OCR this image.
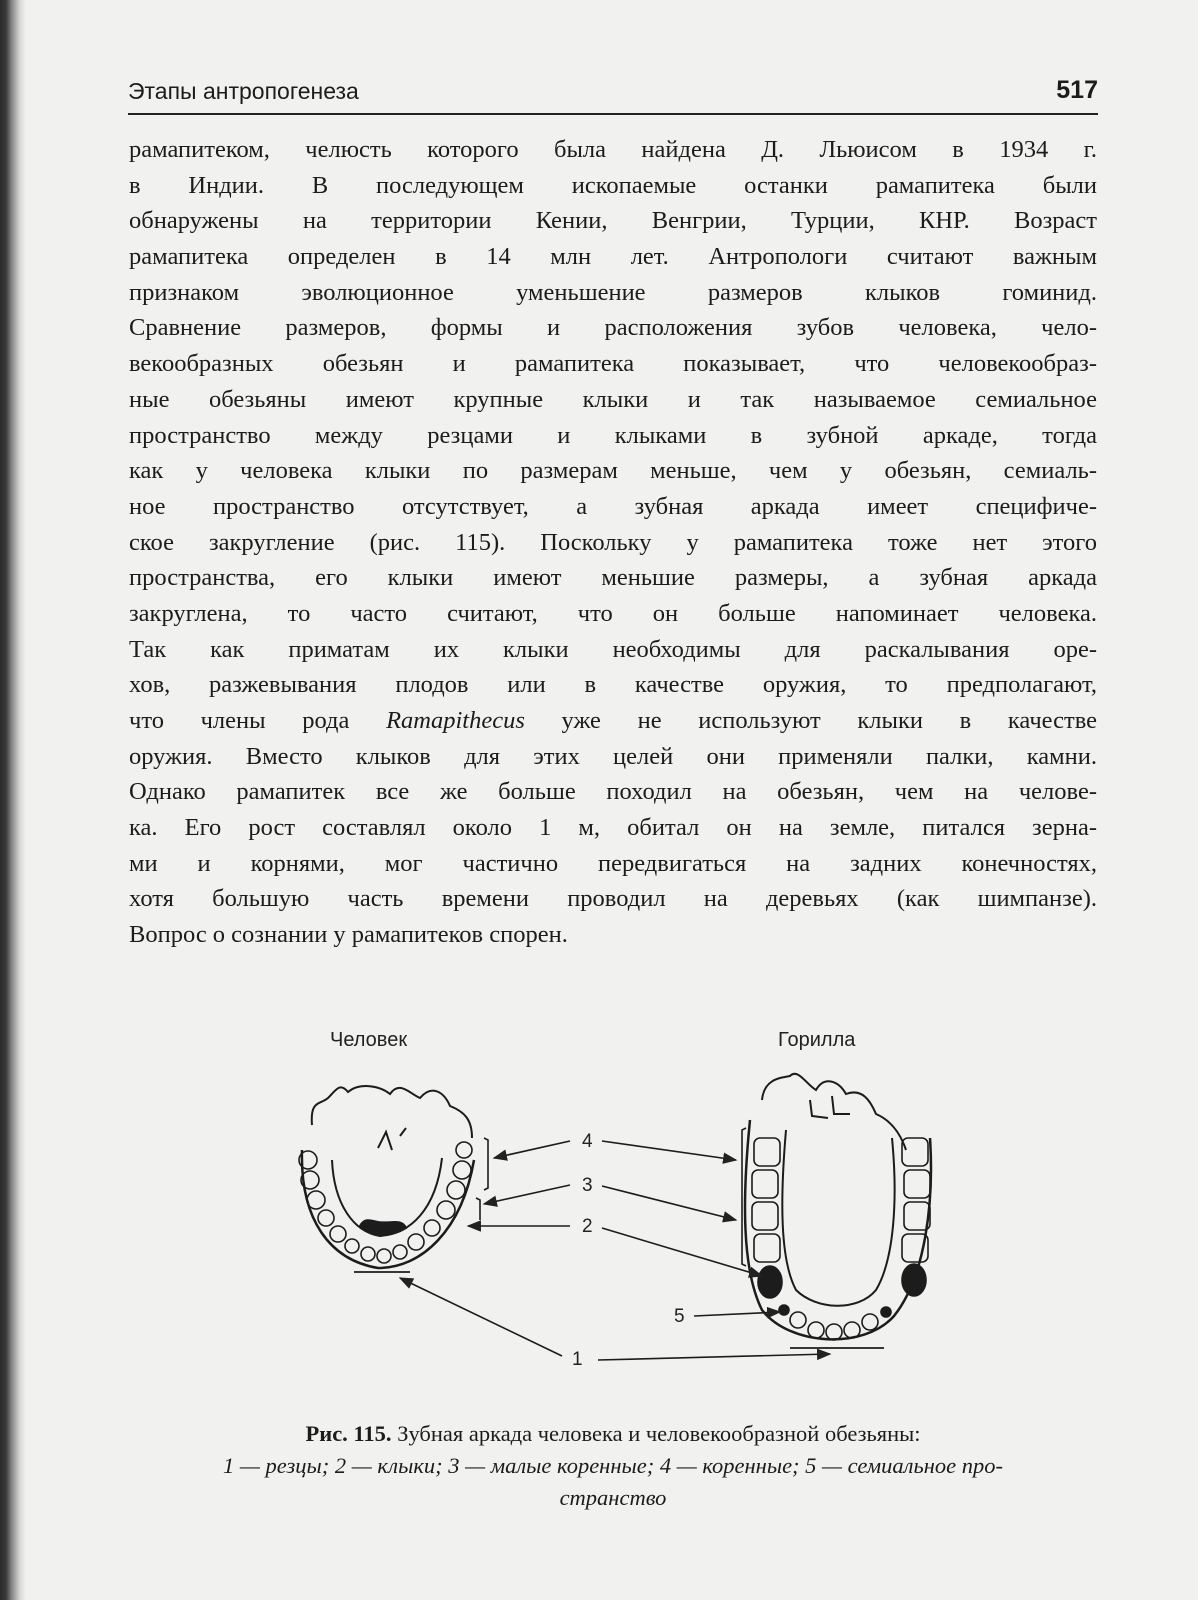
Этапы антропогенеза	517
рамапитеком, челюсть которого была найдена Д. Льюисом в 1934 г.
в Индии. В последующем ископаемые останки рамапитека были
обнаружены на территории Кении, Венгрии, Турции, КНР. Возраст
рамапитека определен в 14 млн лет. Антропологи считают важным
признаком эволюционное уменьшение размеров клыков гоминид.
Сравнение размеров, формы и расположения зубов человека, чело-
векообразных обезьян и рамапитека показывает, что человекообраз-
ные обезьяны имеют крупные клыки и так называемое семиальное
пространство между резцами и клыками в зубной аркаде, тогда
как у человека клыки по размерам меньше, чем у обезьян, семиаль-
ное пространство отсутствует, а зубная аркада имеет специфиче-
ское закругление (рис. 115). Поскольку у рамапитека тоже нет этого
пространства, его клыки имеют меньшие размеры, а зубная аркада
закруглена, то часто считают, что он больше напоминает человека.
Так как приматам их клыки необходимы для раскалывания оре-
хов, разжевывания плодов или в качестве оружия, то предполагают,
что члены рода Ramapithecus уже не используют клыки в качестве
оружия. Вместо клыков для этих целей они применяли палки, камни.
Однако рамапитек все же больше походил на обезьян, чем на челове-
ка. Его рост составлял около 1 м, обитал он на земле, питался зерна-
ми и корнями, мог частично передвигаться на задних конечностях,
хотя большую часть времени проводил на деревьях (как шимпанзе).
Вопрос о сознании у рамапитеков спорен.
Человек	Горилла
4
3
2
5
1
Рис. 115. Зубная аркада человека и человекообразной обезьяны:
1 — резцы; 2 — клыки; 3 — малые коренные; 4 — коренные; 5 — семиальное про-
странство
